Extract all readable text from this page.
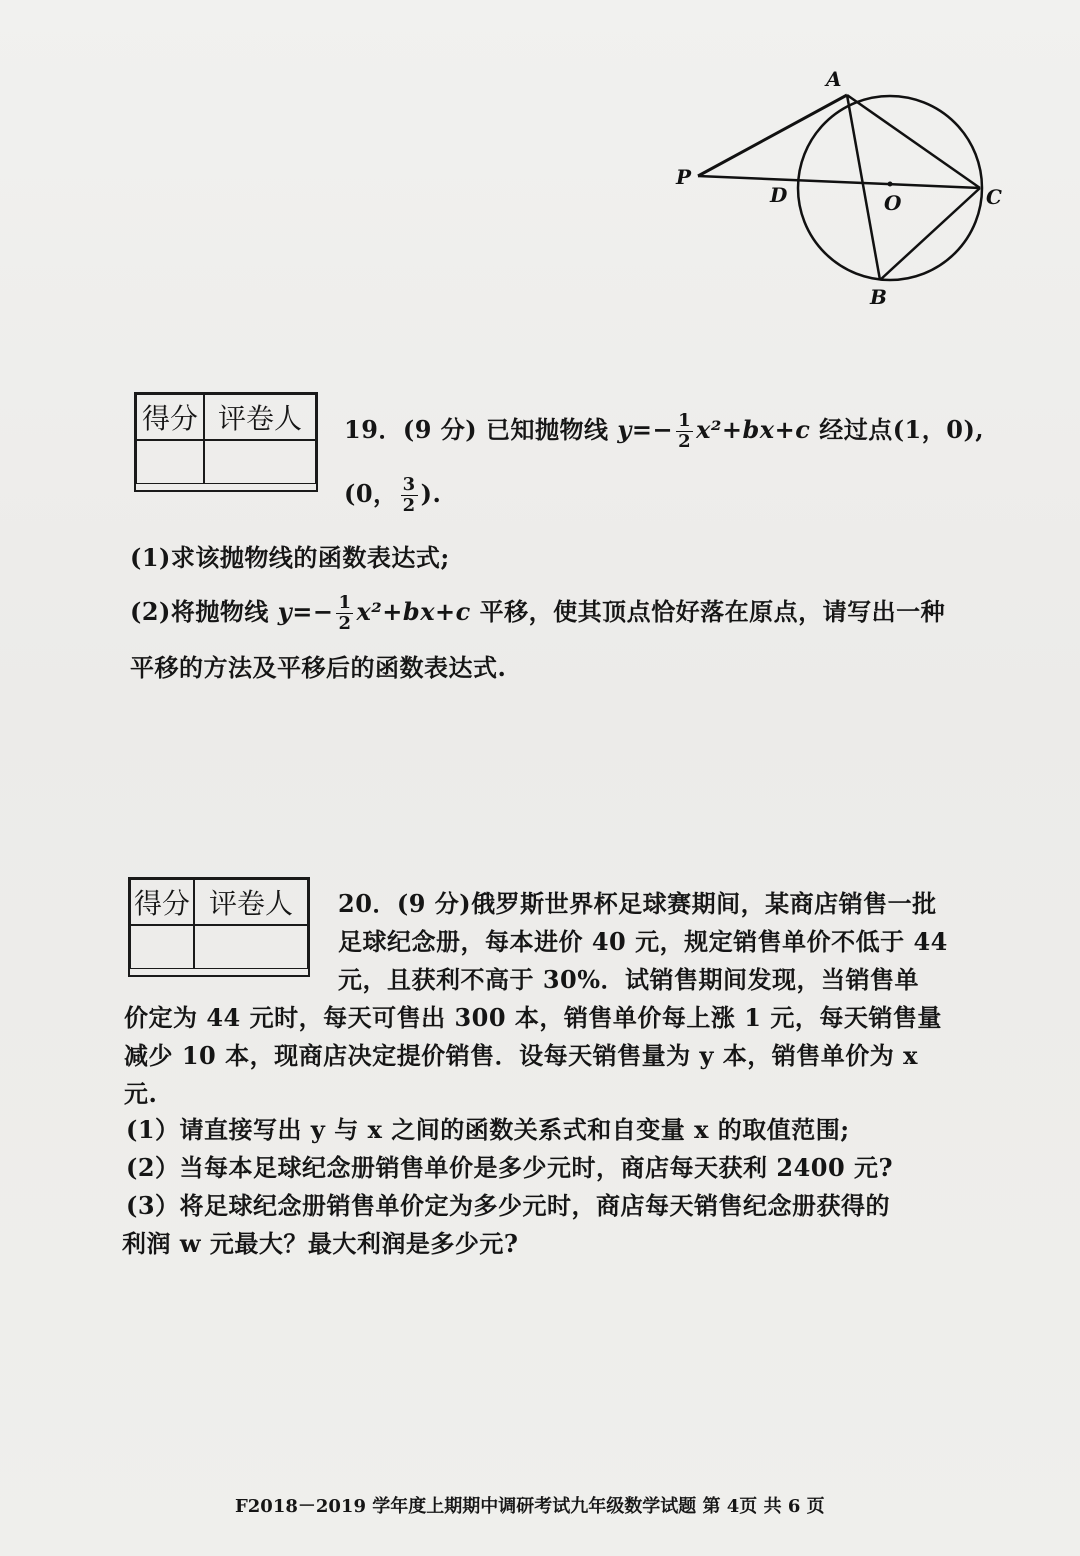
A
P
D	O	C
B
得分 评卷人	19．(9 分) 已知抛物线 $y=- \frac{1}{2} x^2+bx+c$ 经过点(1，0),
(0， $\frac{3}{2}$ ).
(1)求该抛物线的函数表达式;
(2)将抛物线 $y=- \frac{1}{2} x^2+bx+c$ 平移，使其顶点恰好落在原点，请写出一种
平移的方法及平移后的函数表达式.
得分 评卷人	20．(9 分)俄罗斯世界杯足球赛期间，某商店销售一批
足球纪念册，每本进价 40 元，规定销售单价不低于 44
元，且获利不高于 30%．试销售期间发现，当销售单
价定为 44 元时，每天可售出 300 本，销售单价每上涨 1 元，每天销售量
减少 10 本，现商店决定提价销售．设每天销售量为 y 本，销售单价为 x
元.
(1）请直接写出 y 与 x 之间的函数关系式和自变量 x 的取值范围;
(2）当每本足球纪念册销售单价是多少元时，商店每天获利 2400 元?
(3）将足球纪念册销售单价定为多少元时，商店每天销售纪念册获得的
利润 w 元最大？最大利润是多少元?
F2018－2019 学年度上期期中调研考试九年级数学试题 第 4页 共 6 页
